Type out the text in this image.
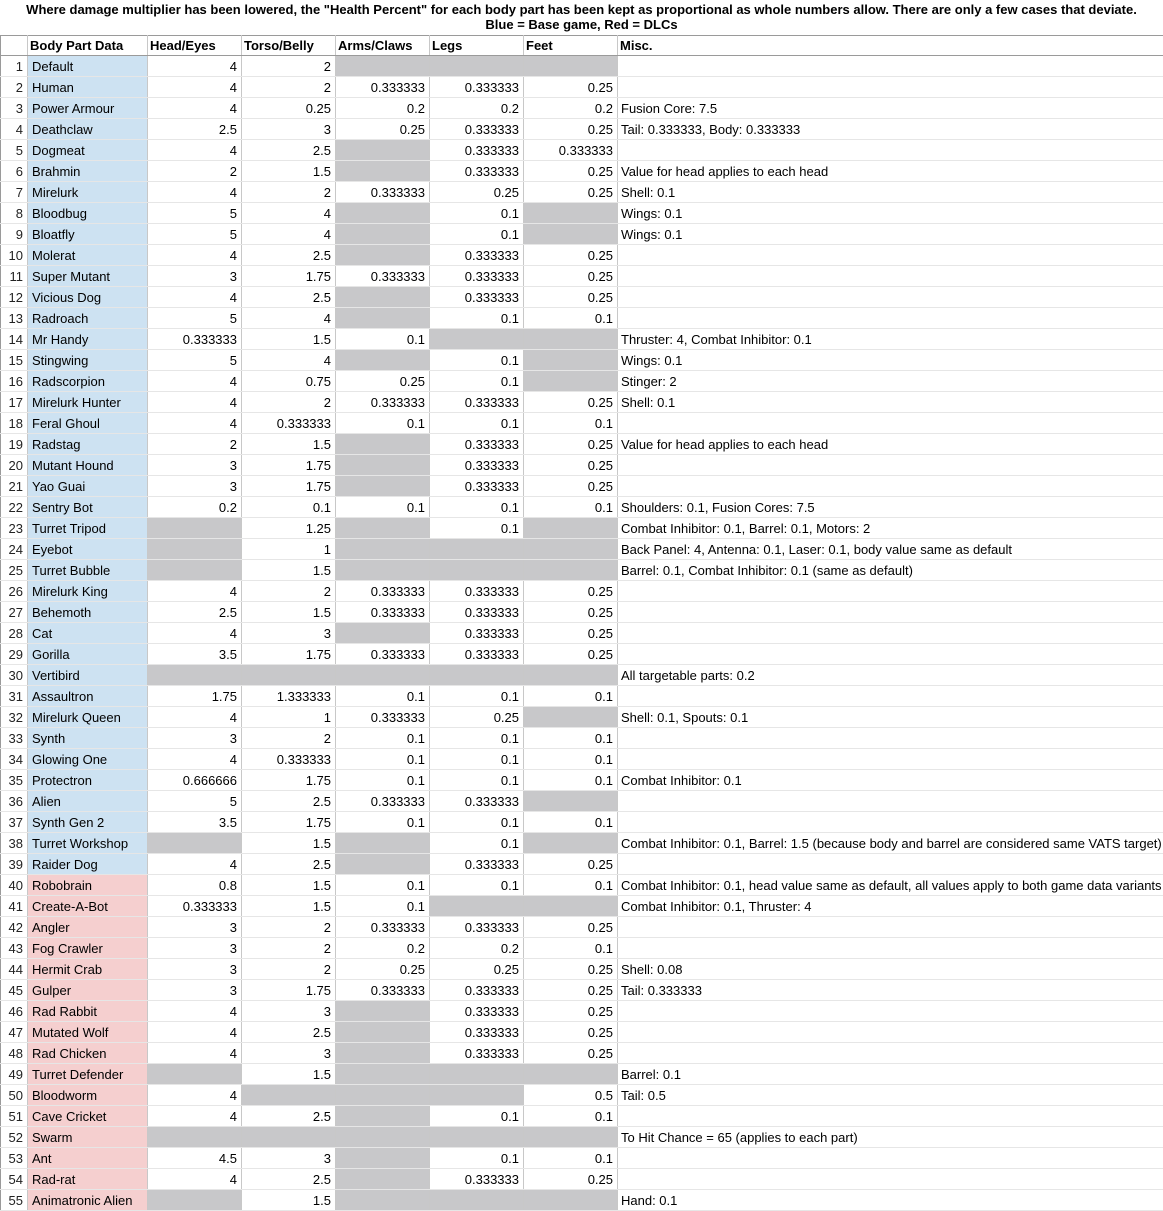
Where damage multiplier has been lowered, the "Health Percent" for each body part has been kept as proportional as whole numbers allow. There are only a few cases that deviate.
Blue = Base game, Red = DLCs
	Body Part Data	Head/Eyes	Torso/Belly	Arms/Claws	Legs	Feet	Misc.
1	Default	4	2				
2	Human	4	2	0.333333	0.333333	0.25	
3	Power Armour	4	0.25	0.2	0.2	0.2	Fusion Core: 7.5
4	Deathclaw	2.5	3	0.25	0.333333	0.25	Tail: 0.333333, Body: 0.333333
5	Dogmeat	4	2.5		0.333333	0.333333	
6	Brahmin	2	1.5		0.333333	0.25	Value for head applies to each head
7	Mirelurk	4	2	0.333333	0.25	0.25	Shell: 0.1
8	Bloodbug	5	4		0.1		Wings: 0.1
9	Bloatfly	5	4		0.1		Wings: 0.1
10	Molerat	4	2.5		0.333333	0.25	
11	Super Mutant	3	1.75	0.333333	0.333333	0.25	
12	Vicious Dog	4	2.5		0.333333	0.25	
13	Radroach	5	4		0.1	0.1	
14	Mr Handy	0.333333	1.5	0.1			Thruster: 4, Combat Inhibitor: 0.1
15	Stingwing	5	4		0.1		Wings: 0.1
16	Radscorpion	4	0.75	0.25	0.1		Stinger: 2
17	Mirelurk Hunter	4	2	0.333333	0.333333	0.25	Shell: 0.1
18	Feral Ghoul	4	0.333333	0.1	0.1	0.1	
19	Radstag	2	1.5		0.333333	0.25	Value for head applies to each head
20	Mutant Hound	3	1.75		0.333333	0.25	
21	Yao Guai	3	1.75		0.333333	0.25	
22	Sentry Bot	0.2	0.1	0.1	0.1	0.1	Shoulders: 0.1, Fusion Cores: 7.5
23	Turret Tripod		1.25		0.1		Combat Inhibitor: 0.1, Barrel: 0.1, Motors: 2
24	Eyebot		1				Back Panel: 4, Antenna: 0.1, Laser: 0.1, body value same as default
25	Turret Bubble		1.5				Barrel: 0.1, Combat Inhibitor: 0.1 (same as default)
26	Mirelurk King	4	2	0.333333	0.333333	0.25	
27	Behemoth	2.5	1.5	0.333333	0.333333	0.25	
28	Cat	4	3		0.333333	0.25	
29	Gorilla	3.5	1.75	0.333333	0.333333	0.25	
30	Vertibird						All targetable parts: 0.2
31	Assaultron	1.75	1.333333	0.1	0.1	0.1	
32	Mirelurk Queen	4	1	0.333333	0.25		Shell: 0.1, Spouts: 0.1
33	Synth	3	2	0.1	0.1	0.1	
34	Glowing One	4	0.333333	0.1	0.1	0.1	
35	Protectron	0.666666	1.75	0.1	0.1	0.1	Combat Inhibitor: 0.1
36	Alien	5	2.5	0.333333	0.333333		
37	Synth Gen 2	3.5	1.75	0.1	0.1	0.1	
38	Turret Workshop		1.5		0.1		Combat Inhibitor: 0.1, Barrel: 1.5 (because body and barrel are considered same VATS target)
39	Raider Dog	4	2.5		0.333333	0.25	
40	Robobrain	0.8	1.5	0.1	0.1	0.1	Combat Inhibitor: 0.1, head value same as default, all values apply to both game data variants
41	Create-A-Bot	0.333333	1.5	0.1			Combat Inhibitor: 0.1, Thruster: 4
42	Angler	3	2	0.333333	0.333333	0.25	
43	Fog Crawler	3	2	0.2	0.2	0.1	
44	Hermit Crab	3	2	0.25	0.25	0.25	Shell: 0.08
45	Gulper	3	1.75	0.333333	0.333333	0.25	Tail: 0.333333
46	Rad Rabbit	4	3		0.333333	0.25	
47	Mutated Wolf	4	2.5		0.333333	0.25	
48	Rad Chicken	4	3		0.333333	0.25	
49	Turret Defender		1.5				Barrel: 0.1
50	Bloodworm	4				0.5	Tail: 0.5
51	Cave Cricket	4	2.5		0.1	0.1	
52	Swarm						To Hit Chance = 65 (applies to each part)
53	Ant	4.5	3		0.1	0.1	
54	Rad-rat	4	2.5		0.333333	0.25	
55	Animatronic Alien		1.5				Hand: 0.1
